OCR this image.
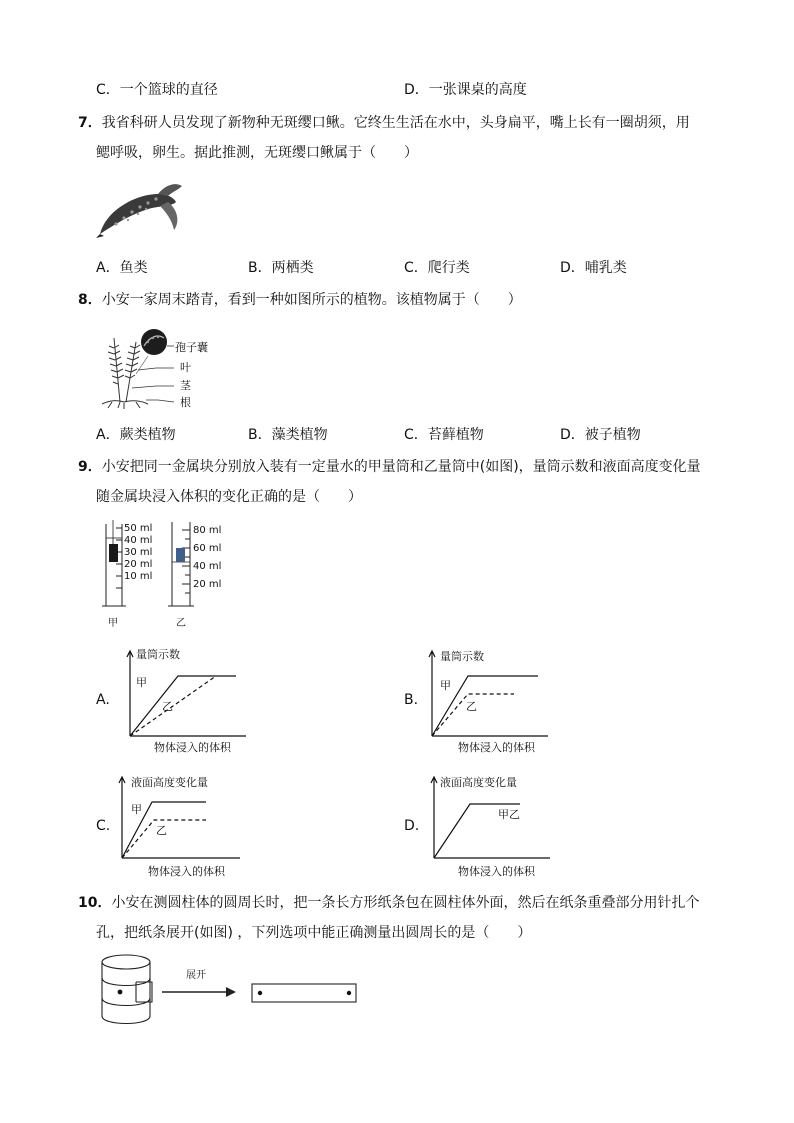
C．一个篮球的直径	D．一张课桌的高度
7．我省科研人员发现了新物种无斑缨口鳅。它终生生活在水中，头身扁平，嘴上长有一圈胡须，用
鳃呼吸，卵生。据此推测，无斑缨口鳅属于（　　）
A．鱼类	B．两栖类	C．爬行类	D．哺乳类
8．小安一家周末踏青，看到一种如图所示的植物。该植物属于（　　）
孢子囊
叶
茎
根
A．蕨类植物	B．藻类植物	C．苔藓植物	D．被子植物
9．小安把同一金属块分别放入装有一定量水的甲量筒和乙量筒中(如图)，量筒示数和液面高度变化量
随金属块浸入体积的变化正确的是（　　）
50 ml
40 ml
30 ml
20 ml
10 ml
80 ml
60 ml
40 ml
20 ml
甲	乙
A.
量筒示数
甲
乙
物体浸入的体积
B.
量筒示数
甲
乙
物体浸入的体积
C.
液面高度变化量
甲
乙
物体浸入的体积
D.
液面高度变化量
甲乙
物体浸入的体积
10．小安在测圆柱体的圆周长时，把一条长方形纸条包在圆柱体外面，然后在纸条重叠部分用针扎个
孔，把纸条展开(如图) ，下列选项中能正确测量出圆周长的是（　　）
展开
